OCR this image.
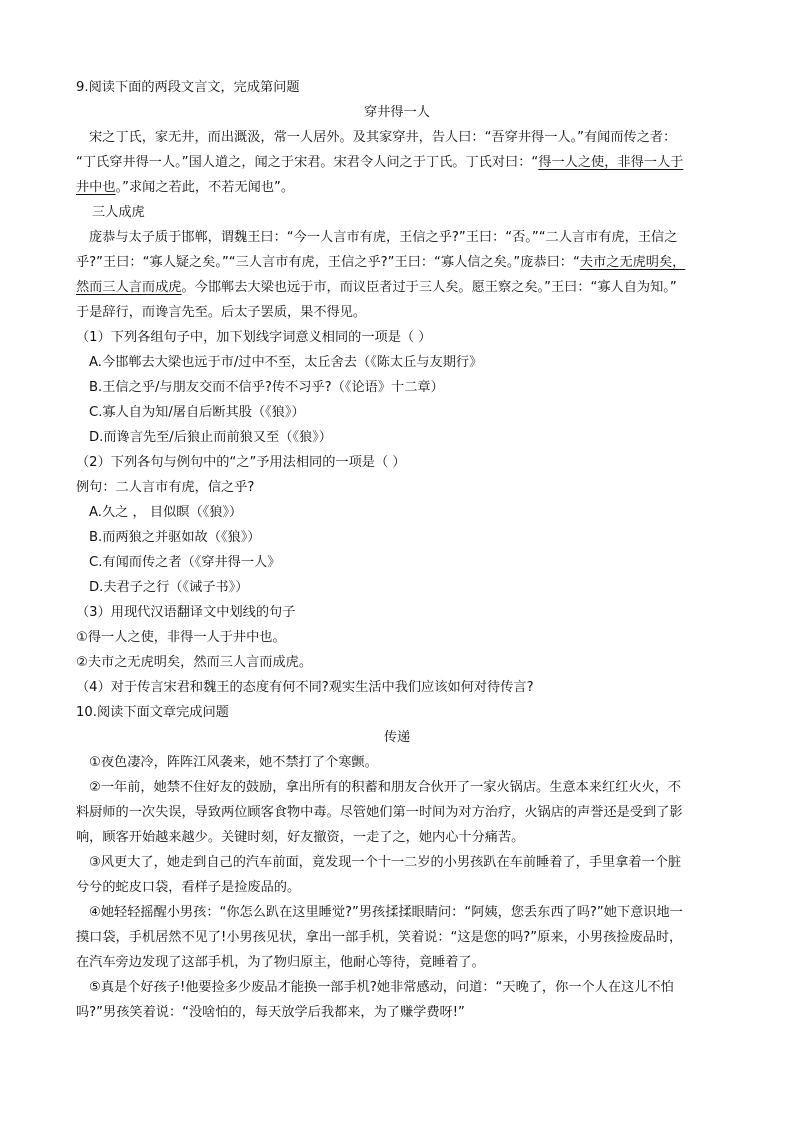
9.阅读下面的两段文言文，完成第问题
穿井得一人
宋之丁氏，家无井，而出溉汲，常一人居外。及其家穿井，告人曰：“吾穿井得一人。”有闻而传之者：
“丁氏穿井得一人。”国人道之，闻之于宋君。宋君令人问之于丁氏。丁氏对曰：“得一人之使，非得一人于
井中也。”求闻之若此，不若无闻也”。
三人成虎
庞恭与太子质于邯郸，谓魏王曰：“今一人言市有虎，王信之乎?”王曰：“否。”“二人言市有虎，王信之
乎?”王曰：“寡人疑之矣。”“三人言市有虎，王信之乎?”王曰：“寡人信之矣。”庞恭曰：“夫市之无虎明矣，
然而三人言而成虎。今邯郸去大梁也远于市，而议臣者过于三人矣。愿王察之矣。”王曰：“寡人自为知。”
于是辞行，而谗言先至。后太子罢质，果不得见。
（1）下列各组句子中，加下划线字词意义相同的一项是（ ）
A.今邯郸去大梁也远于市/过中不至，太丘舍去（《陈太丘与友期行》
B.王信之乎/与朋友交而不信乎?传不习乎?（《论语》十二章）
C.寡人自为知/屠自后断其股（《狼》）
D.而谗言先至/后狼止而前狼又至（《狼》）
（2）下列各句与例句中的“之”予用法相同的一项是（ ）
例句：二人言市有虎，信之乎?
A.久之 ， 目似瞑（《狼》）
B.而两狼之并驱如故（《狼》）
C.有闻而传之者（《穿井得一人》
D.夫君子之行（《诫子书》）
（3）用现代汉语翻译文中划线的句子
①得一人之使，非得一人于井中也。
②夫市之无虎明矣，然而三人言而成虎。
（4）对于传言宋君和魏王的态度有何不同?观实生活中我们应该如何对待传言?
10.阅读下面文章完成问题
传递
①夜色凄冷，阵阵江风袭来，她不禁打了个寒颤。
②一年前，她禁不住好友的鼓励，拿出所有的积蓄和朋友合伙开了一家火锅店。生意本来红红火火，不
料厨师的一次失误，导致两位顾客食物中毒。尽管她们第一时间为对方治疗，火锅店的声誉还是受到了影
响，顾客开始越来越少。关键时刻，好友撤资，一走了之，她内心十分痛苦。
③风更大了，她走到自己的汽车前面，竟发现一个十一二岁的小男孩趴在车前睡着了，手里拿着一个脏
兮兮的蛇皮口袋，看样子是捡废品的。
④她轻轻摇醒小男孩：“你怎么趴在这里睡觉?”男孩揉揉眼睛问：“阿姨，您丢东西了吗?”她下意识地一
摸口袋，手机居然不见了!小男孩见状，拿出一部手机，笑着说：“这是您的吗?”原来，小男孩捡废品时，
在汽车旁边发现了这部手机，为了物归原主，他耐心等待，竟睡着了。
⑤真是个好孩子!他要捡多少废品才能换一部手机?她非常感动，问道：“天晚了，你一个人在这儿不怕
吗?”男孩笑着说：“没啥怕的，每天放学后我都来，为了赚学费呀!”
